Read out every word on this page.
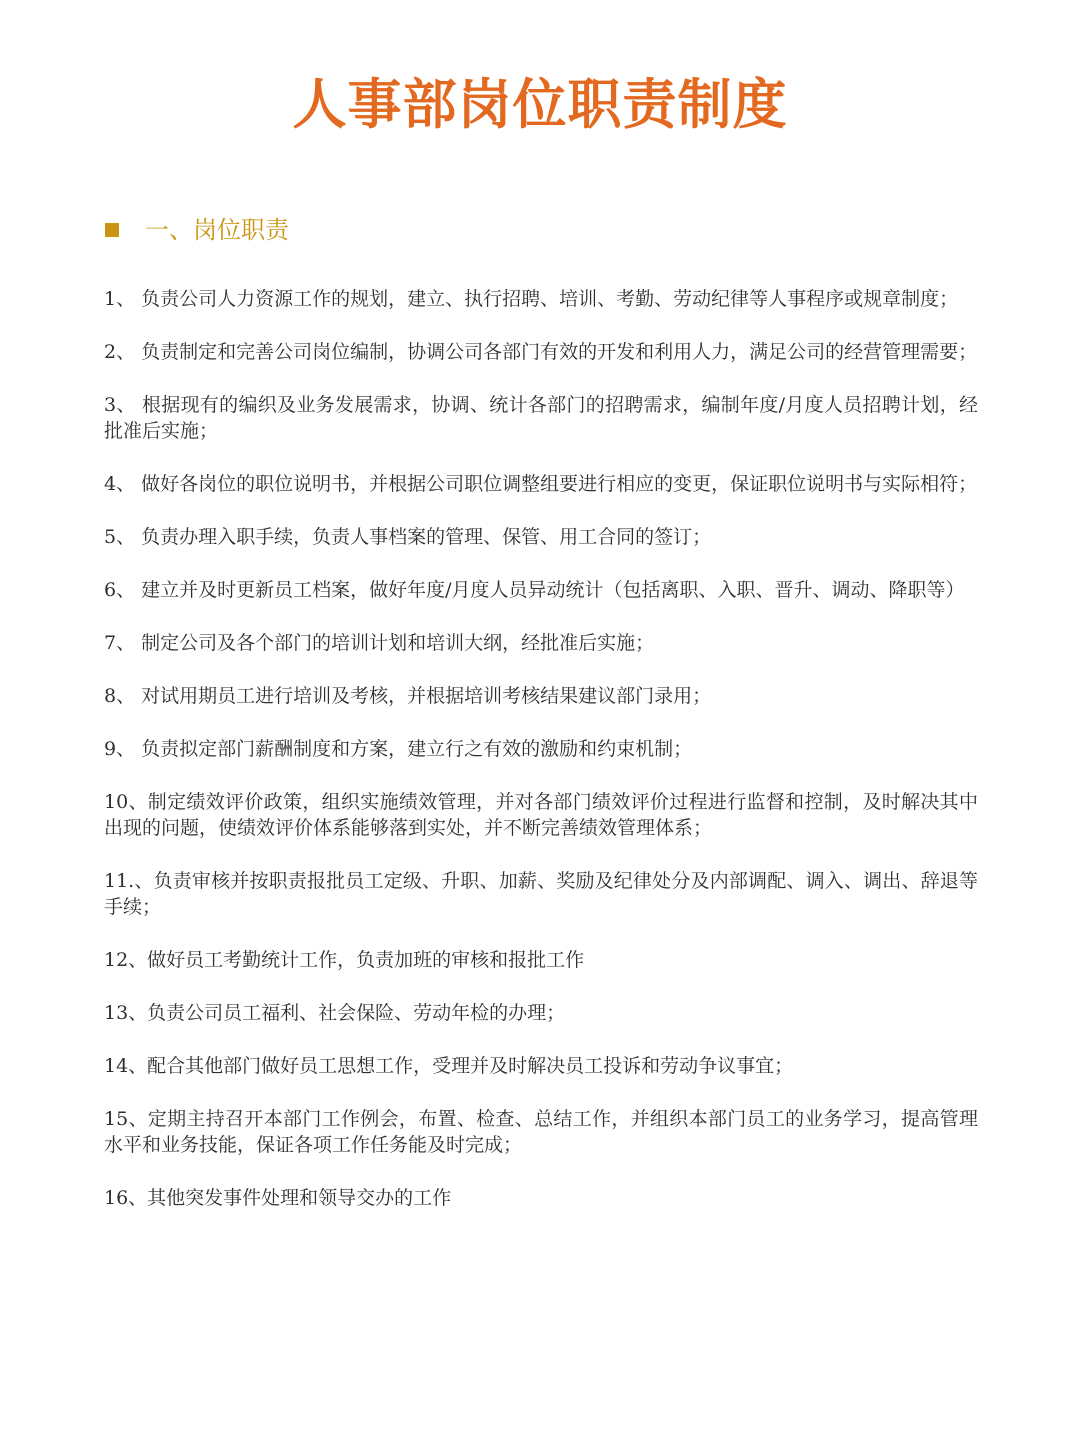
人事部岗位职责制度
一、岗位职责
1、 负责公司人力资源工作的规划，建立、执行招聘、培训、考勤、劳动纪律等人事程序或规章制度；
2、 负责制定和完善公司岗位编制，协调公司各部门有效的开发和利用人力，满足公司的经营管理需要；
3、 根据现有的编织及业务发展需求，协调、统计各部门的招聘需求，编制年度/月度人员招聘计划，经批准后实施；
4、 做好各岗位的职位说明书，并根据公司职位调整组要进行相应的变更，保证职位说明书与实际相符；
5、 负责办理入职手续，负责人事档案的管理、保管、用工合同的签订；
6、 建立并及时更新员工档案，做好年度/月度人员异动统计（包括离职、入职、晋升、调动、降职等）
7、 制定公司及各个部门的培训计划和培训大纲，经批准后实施；
8、 对试用期员工进行培训及考核，并根据培训考核结果建议部门录用；
9、 负责拟定部门薪酬制度和方案，建立行之有效的激励和约束机制；
10、制定绩效评价政策，组织实施绩效管理，并对各部门绩效评价过程进行监督和控制，及时解决其中出现的问题，使绩效评价体系能够落到实处，并不断完善绩效管理体系；
11.、负责审核并按职责报批员工定级、升职、加薪、奖励及纪律处分及内部调配、调入、调出、辞退等手续；
12、做好员工考勤统计工作，负责加班的审核和报批工作
13、负责公司员工福利、社会保险、劳动年检的办理；
14、配合其他部门做好员工思想工作，受理并及时解决员工投诉和劳动争议事宜；
15、定期主持召开本部门工作例会，布置、检查、总结工作，并组织本部门员工的业务学习，提高管理水平和业务技能，保证各项工作任务能及时完成；
16、其他突发事件处理和领导交办的工作
